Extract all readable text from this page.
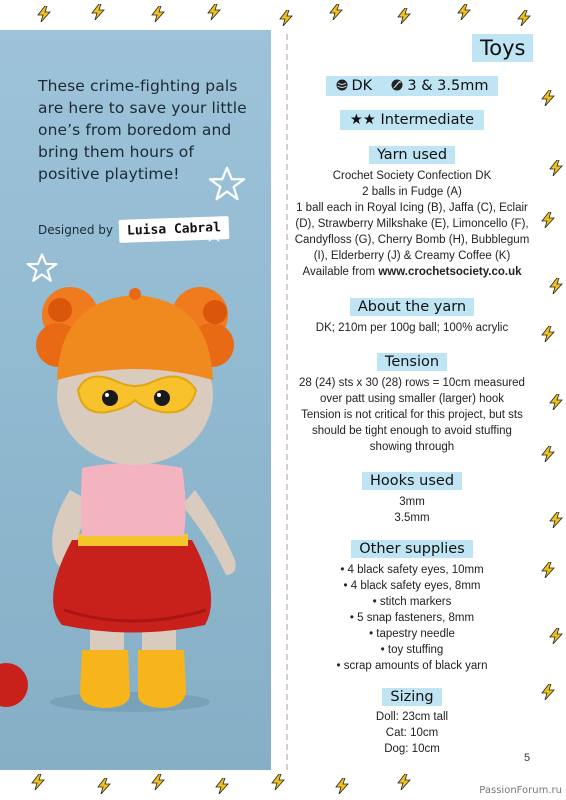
These crime-fighting pals are here to save your little one’s from boredom and bring them hours of positive playtime!
Designed by	Luisa Cabral
Toys
DK 3 & 3.5mm
★★ Intermediate
Yarn used

Crochet Society Confection DK

2 balls in Fudge (A)

1 ball each in Royal Icing (B), Jaffa (C), Eclair (D), Strawberry Milkshake (E), Limoncello (F), Candyfloss (G), Cherry Bomb (H), Bubblegum (I), Elderberry (J) & Creamy Coffee (K)

Available from www.crochetsociety.co.uk

About the yarn

DK; 210m per 100g ball; 100% acrylic

Tension

28 (24) sts x 30 (28) rows = 10cm measured over patt using smaller (larger) hook

Tension is not critical for this project, but sts should be tight enough to avoid stuffing showing through

Hooks used

3mm

3.5mm

Other supplies

• 4 black safety eyes, 10mm

• 4 black safety eyes, 8mm

• stitch markers

• 5 snap fasteners, 8mm

• tapestry needle

• toy stuffing

• scrap amounts of black yarn

Sizing

Doll: 23cm tall

Cat: 10cm

Dog: 10cm

5
PassionForum.ru
